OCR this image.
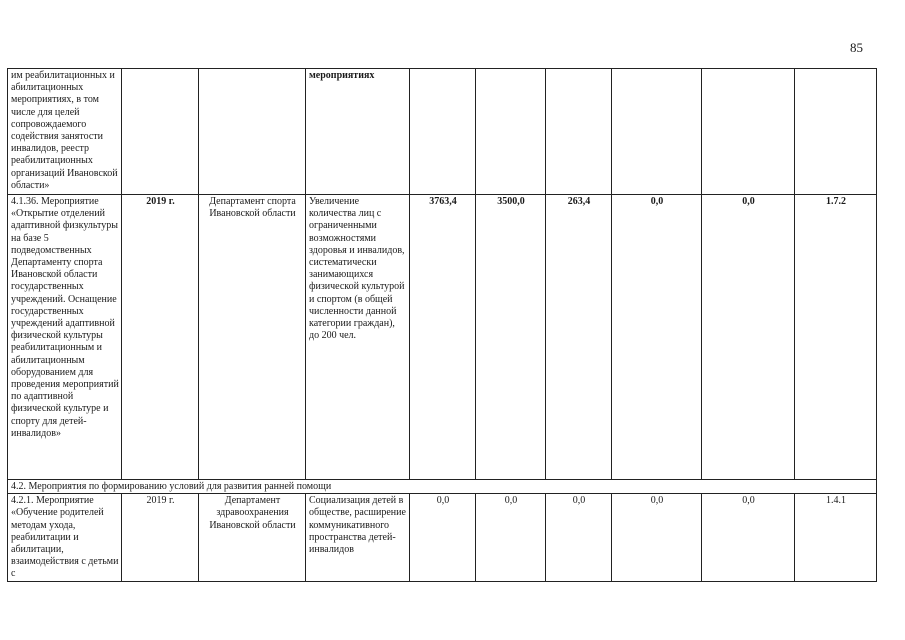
85
им реабилитационных и абилитационных мероприятиях, в том числе для целей сопровождаемого содействия занятости инвалидов, реестр реабилитационных организаций Ивановской области»			мероприятиях						
4.1.36. Мероприятие «Открытие отделений адаптивной физкультуры на базе 5 подведомственных Департаменту спорта Ивановской области государственных учреждений. Оснащение государственных учреждений адаптивной физической культуры реабилитационным и абилитационным оборудованием для проведения мероприятий по адаптивной физической культуре и спорту для детей-инвалидов»	2019 г.	Департамент спорта Ивановской области	Увеличение количества лиц с ограниченными возможностями здоровья и инвалидов, систематически занимающихся физической культурой и спортом (в общей численности данной категории граждан), до 200 чел.	3763,4	3500,0	263,4	0,0	0,0	1.7.2
4.2. Мероприятия по формированию условий для развития ранней помощи									
4.2.1. Мероприятие «Обучение родителей методам ухода, реабилитации и абилитации, взаимодействия с детьми с	2019 г.	Департамент здравоохранения Ивановской области	Социализация детей в обществе, расширение коммуникативного пространства детей-инвалидов	0,0	0,0	0,0	0,0	0,0	1.4.1
